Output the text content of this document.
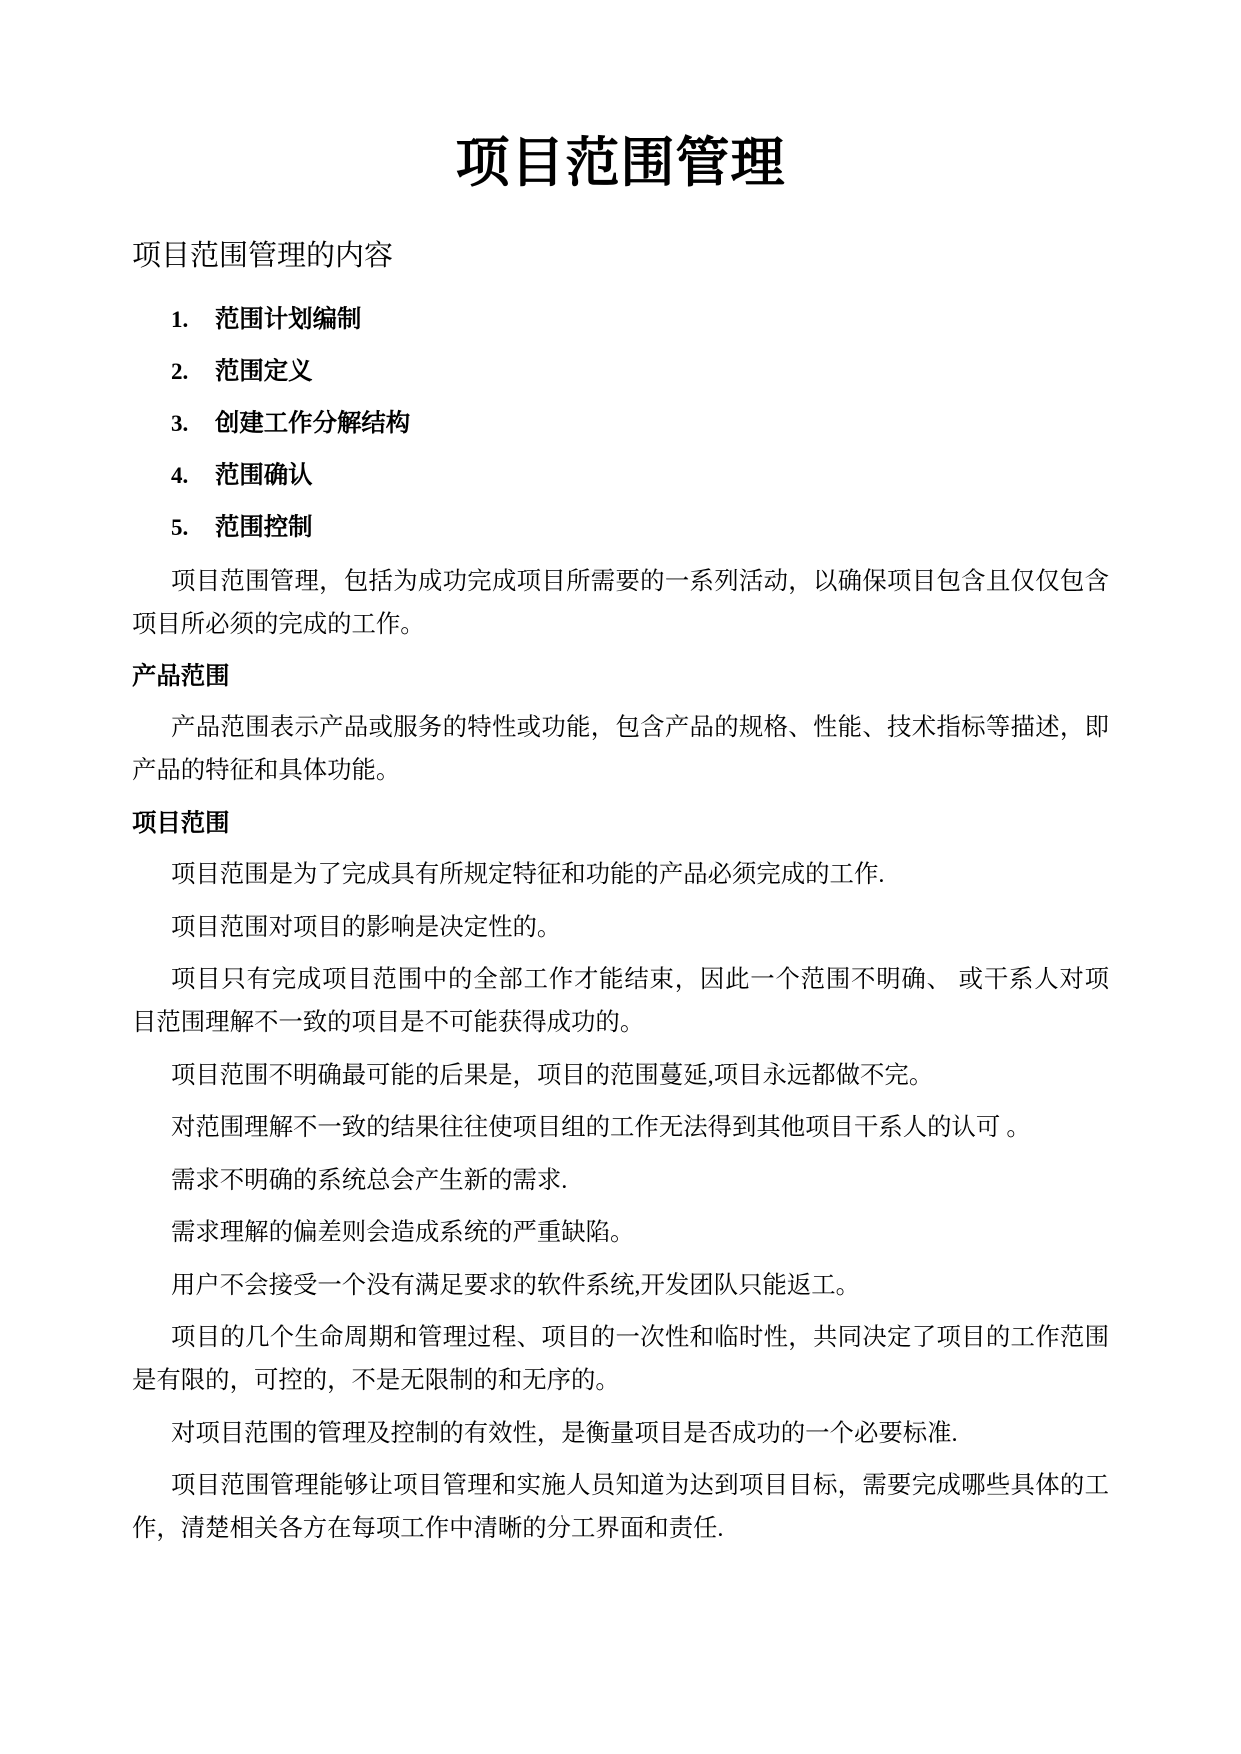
项目范围管理
项目范围管理的内容
1.	范围计划编制
2.	范围定义
3.	创建工作分解结构
4.	范围确认
5.	范围控制
项目范围管理，包括为成功完成项目所需要的一系列活动，以确保项目包含且仅仅包含
项目所必须的完成的工作。
产品范围
产品范围表示产品或服务的特性或功能，包含产品的规格、性能、技术指标等描述，即
产品的特征和具体功能。
项目范围
项目范围是为了完成具有所规定特征和功能的产品必须完成的工作.
项目范围对项目的影响是决定性的。
项目只有完成项目范围中的全部工作才能结束，因此一个范围不明确、 或干系人对项
目范围理解不一致的项目是不可能获得成功的。
项目范围不明确最可能的后果是，项目的范围蔓延,项目永远都做不完。
对范围理解不一致的结果往往使项目组的工作无法得到其他项目干系人的认可 。
需求不明确的系统总会产生新的需求.
需求理解的偏差则会造成系统的严重缺陷。
用户不会接受一个没有满足要求的软件系统,开发团队只能返工。
项目的几个生命周期和管理过程、项目的一次性和临时性，共同决定了项目的工作范围
是有限的，可控的，不是无限制的和无序的。
对项目范围的管理及控制的有效性，是衡量项目是否成功的一个必要标准.
项目范围管理能够让项目管理和实施人员知道为达到项目目标，需要完成哪些具体的工
作，清楚相关各方在每项工作中清晰的分工界面和责任.
